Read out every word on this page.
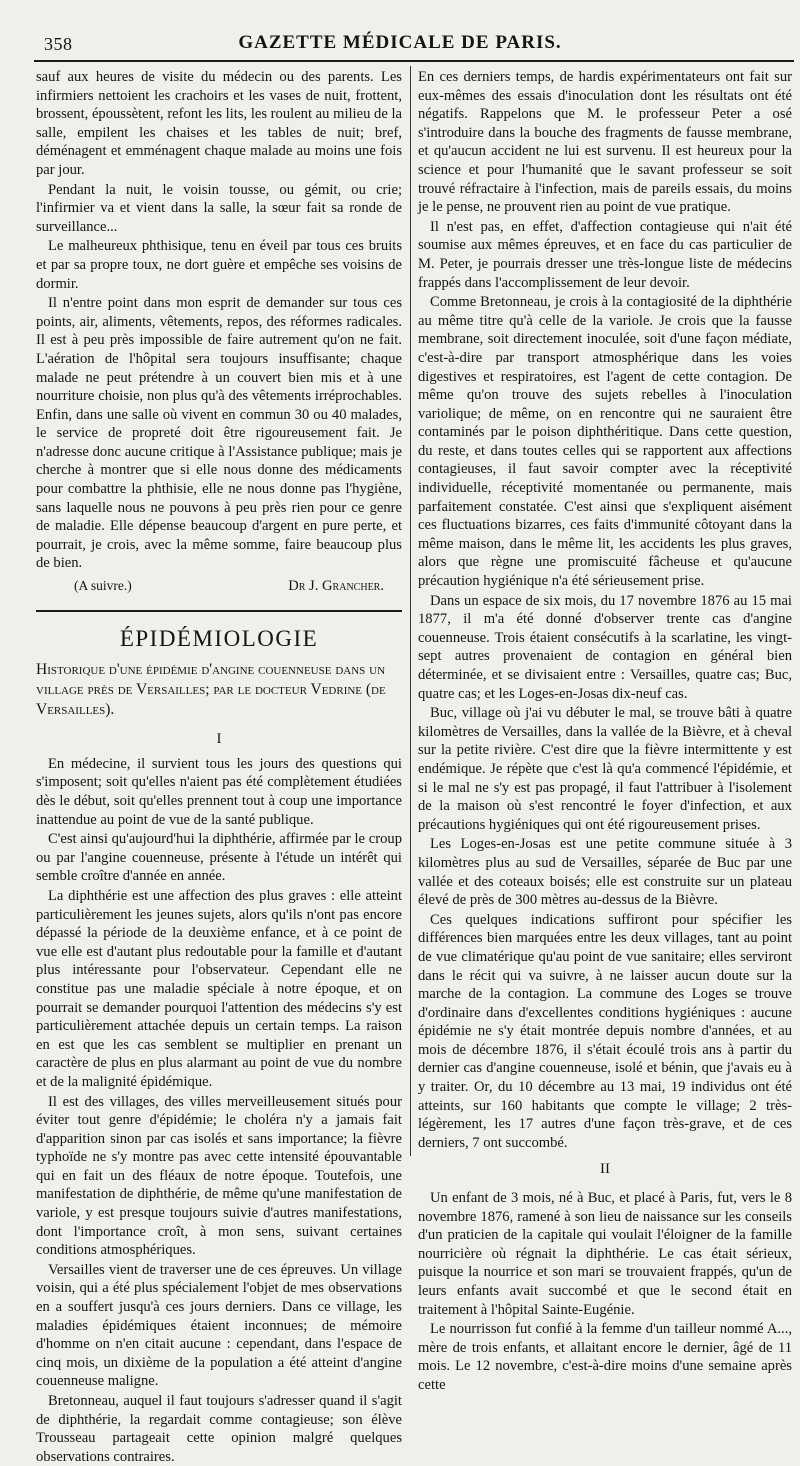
358	GAZETTE MÉDICALE DE PARIS.

sauf aux heures de visite du médecin ou des parents. Les infirmiers nettoient les crachoirs et les vases de nuit, frottent, brossent, époussètent, refont les lits, les roulent au milieu de la salle, empilent les chaises et les tables de nuit; bref, déménagent et emménagent chaque malade au moins une fois par jour.

Pendant la nuit, le voisin tousse, ou gémit, ou crie; l'infirmier va et vient dans la salle, la sœur fait sa ronde de surveillance...

Le malheureux phthisique, tenu en éveil par tous ces bruits et par sa propre toux, ne dort guère et empêche ses voisins de dormir.

Il n'entre point dans mon esprit de demander sur tous ces points, air, aliments, vêtements, repos, des réformes radicales. Il est à peu près impossible de faire autrement qu'on ne fait. L'aération de l'hôpital sera toujours insuffisante; chaque malade ne peut prétendre à un couvert bien mis et à une nourriture choisie, non plus qu'à des vêtements irréprochables. Enfin, dans une salle où vivent en commun 30 ou 40 malades, le service de propreté doit être rigoureusement fait. Je n'adresse donc aucune critique à l'Assistance publique; mais je cherche à montrer que si elle nous donne des médicaments pour combattre la phthisie, elle ne nous donne pas l'hygiène, sans laquelle nous ne pouvons à peu près rien pour ce genre de maladie. Elle dépense beaucoup d'argent en pure perte, et pourrait, je crois, avec la même somme, faire beaucoup plus de bien.

(A suivre.)	Dr J. Grancher.
ÉPIDÉMIOLOGIE

Historique d'une épidémie d'angine couenneuse dans un village près de Versailles; par le docteur Vedrine (de Versailles).

I

En médecine, il survient tous les jours des questions qui s'imposent; soit qu'elles n'aient pas été complètement étudiées dès le début, soit qu'elles prennent tout à coup une importance inattendue au point de vue de la santé publique.

C'est ainsi qu'aujourd'hui la diphthérie, affirmée par le croup ou par l'angine couenneuse, présente à l'étude un intérêt qui semble croître d'année en année.

La diphthérie est une affection des plus graves : elle atteint particulièrement les jeunes sujets, alors qu'ils n'ont pas encore dépassé la période de la deuxième enfance, et à ce point de vue elle est d'autant plus redoutable pour la famille et d'autant plus intéressante pour l'observateur. Cependant elle ne constitue pas une maladie spéciale à notre époque, et on pourrait se demander pourquoi l'attention des médecins s'y est particulièrement attachée depuis un certain temps. La raison en est que les cas semblent se multiplier en prenant un caractère de plus en plus alarmant au point de vue du nombre et de la malignité épidémique.

Il est des villages, des villes merveilleusement situés pour éviter tout genre d'épidémie; le choléra n'y a jamais fait d'apparition sinon par cas isolés et sans importance; la fièvre typhoïde ne s'y montre pas avec cette intensité épouvantable qui en fait un des fléaux de notre époque. Toutefois, une manifestation de diphthérie, de même qu'une manifestation de variole, y est presque toujours suivie d'autres manifestations, dont l'importance croît, à mon sens, suivant certaines conditions atmosphériques.

Versailles vient de traverser une de ces épreuves. Un village voisin, qui a été plus spécialement l'objet de mes observations en a souffert jusqu'à ces jours derniers. Dans ce village, les maladies épidémiques étaient inconnues; de mémoire d'homme on n'en citait aucune : cependant, dans l'espace de cinq mois, un dixième de la population a été atteint d'angine couenneuse maligne.

Bretonneau, auquel il faut toujours s'adresser quand il s'agit de diphthérie, la regardait comme contagieuse; son élève Trousseau partageait cette opinion malgré quelques observations contraires.

En ces derniers temps, de hardis expérimentateurs ont fait sur eux-mêmes des essais d'inoculation dont les résultats ont été négatifs. Rappelons que M. le professeur Peter a osé s'introduire dans la bouche des fragments de fausse membrane, et qu'aucun accident ne lui est survenu. Il est heureux pour la science et pour l'humanité que le savant professeur se soit trouvé réfractaire à l'infection, mais de pareils essais, du moins je le pense, ne prouvent rien au point de vue pratique.

Il n'est pas, en effet, d'affection contagieuse qui n'ait été soumise aux mêmes épreuves, et en face du cas particulier de M. Peter, je pourrais dresser une très-longue liste de médecins frappés dans l'accomplissement de leur devoir.

Comme Bretonneau, je crois à la contagiosité de la diphthérie au même titre qu'à celle de la variole. Je crois que la fausse membrane, soit directement inoculée, soit d'une façon médiate, c'est-à-dire par transport atmosphérique dans les voies digestives et respiratoires, est l'agent de cette contagion. De même qu'on trouve des sujets rebelles à l'inoculation variolique; de même, on en rencontre qui ne sauraient être contaminés par le poison diphthéritique. Dans cette question, du reste, et dans toutes celles qui se rapportent aux affections contagieuses, il faut savoir compter avec la réceptivité individuelle, réceptivité momentanée ou permanente, mais parfaitement constatée. C'est ainsi que s'expliquent aisément ces fluctuations bizarres, ces faits d'immunité côtoyant dans la même maison, dans le même lit, les accidents les plus graves, alors que règne une promiscuité fâcheuse et qu'aucune précaution hygiénique n'a été sérieusement prise.

Dans un espace de six mois, du 17 novembre 1876 au 15 mai 1877, il m'a été donné d'observer trente cas d'angine couenneuse. Trois étaient consécutifs à la scarlatine, les vingt-sept autres provenaient de contagion en général bien déterminée, et se divisaient entre : Versailles, quatre cas; Buc, quatre cas; et les Loges-en-Josas dix-neuf cas.

Buc, village où j'ai vu débuter le mal, se trouve bâti à quatre kilomètres de Versailles, dans la vallée de la Bièvre, et à cheval sur la petite rivière. C'est dire que la fièvre intermittente y est endémique. Je répète que c'est là qu'a commencé l'épidémie, et si le mal ne s'y est pas propagé, il faut l'attribuer à l'isolement de la maison où s'est rencontré le foyer d'infection, et aux précautions hygiéniques qui ont été rigoureusement prises.

Les Loges-en-Josas est une petite commune située à 3 kilomètres plus au sud de Versailles, séparée de Buc par une vallée et des coteaux boisés; elle est construite sur un plateau élevé de près de 300 mètres au-dessus de la Bièvre.

Ces quelques indications suffiront pour spécifier les différences bien marquées entre les deux villages, tant au point de vue climatérique qu'au point de vue sanitaire; elles serviront dans le récit qui va suivre, à ne laisser aucun doute sur la marche de la contagion. La commune des Loges se trouve d'ordinaire dans d'excellentes conditions hygiéniques : aucune épidémie ne s'y était montrée depuis nombre d'années, et au mois de décembre 1876, il s'était écoulé trois ans à partir du dernier cas d'angine couenneuse, isolé et bénin, que j'avais eu à y traiter. Or, du 10 décembre au 13 mai, 19 individus ont été atteints, sur 160 habitants que compte le village; 2 très-légèrement, les 17 autres d'une façon très-grave, et de ces derniers, 7 ont succombé.

II

Un enfant de 3 mois, né à Buc, et placé à Paris, fut, vers le 8 novembre 1876, ramené à son lieu de naissance sur les conseils d'un praticien de la capitale qui voulait l'éloigner de la famille nourricière où régnait la diphthérie. Le cas était sérieux, puisque la nourrice et son mari se trouvaient frappés, qu'un de leurs enfants avait succombé et que le second était en traitement à l'hôpital Sainte-Eugénie.

Le nourrisson fut confié à la femme d'un tailleur nommé A..., mère de trois enfants, et allaitant encore le dernier, âgé de 11 mois. Le 12 novembre, c'est-à-dire moins d'une semaine après cette
